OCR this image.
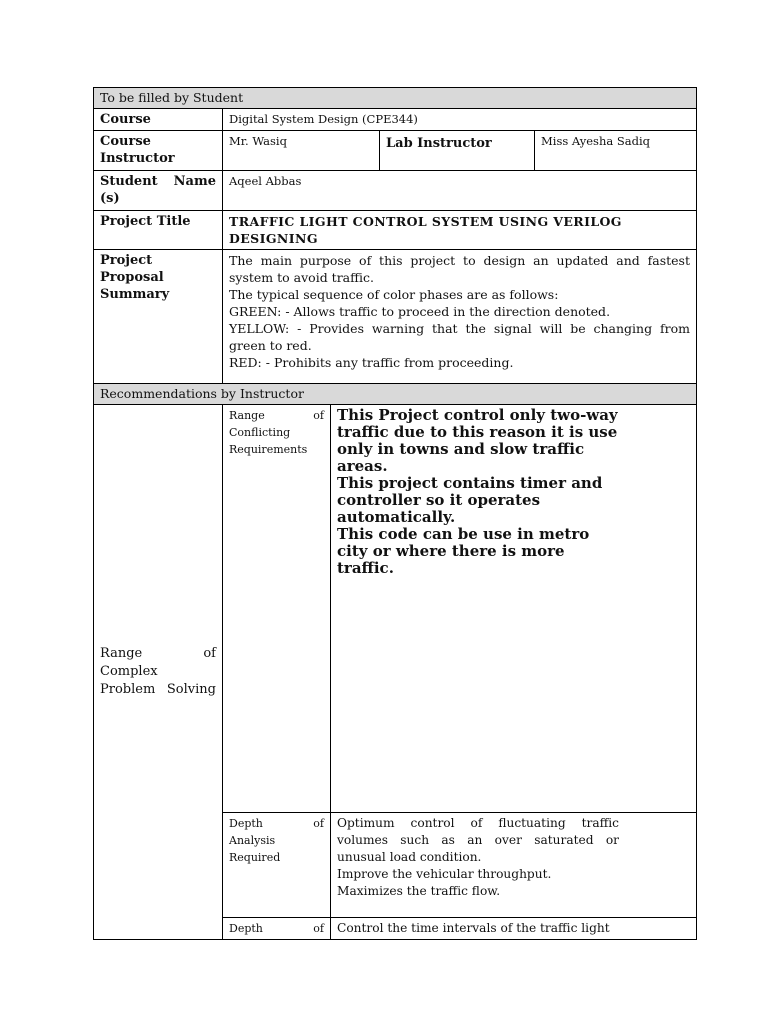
To be filled by Student				
Course	Digital System Design (CPE344)			
Course Instructor	Mr. Wasiq		Lab Instructor	Miss Ayesha Sadiq
Student Name (s)	Aqeel Abbas			
Project Title	TRAFFIC LIGHT CONTROL SYSTEM USING VERILOG DESIGNING			
Project Proposal Summary	The main purpose of this project to design an updated and fastest system to avoid traffic.

The typical sequence of color phases are as follows:

GREEN: - Allows traffic to proceed in the direction denoted.

YELLOW: - Provides warning that the signal will be changing from green to red.

RED: - Prohibits any traffic from proceeding.			

Recommendations by Instructor				
Range of Complex Problem Solving	Range of Conflicting Requirements	This Project control only two-way traffic due to this reason it is use only in towns and slow traffic areas.

This project contains timer and controller so it operates automatically.

This code can be use in metro city or where there is more traffic.		

	Depth of Analysis Required	Optimum control of fluctuating traffic volumes such as an over saturated or unusual load condition.

Improve the vehicular throughput.

Maximizes the traffic flow.		

	Depth of	Control the time intervals of the traffic light		
